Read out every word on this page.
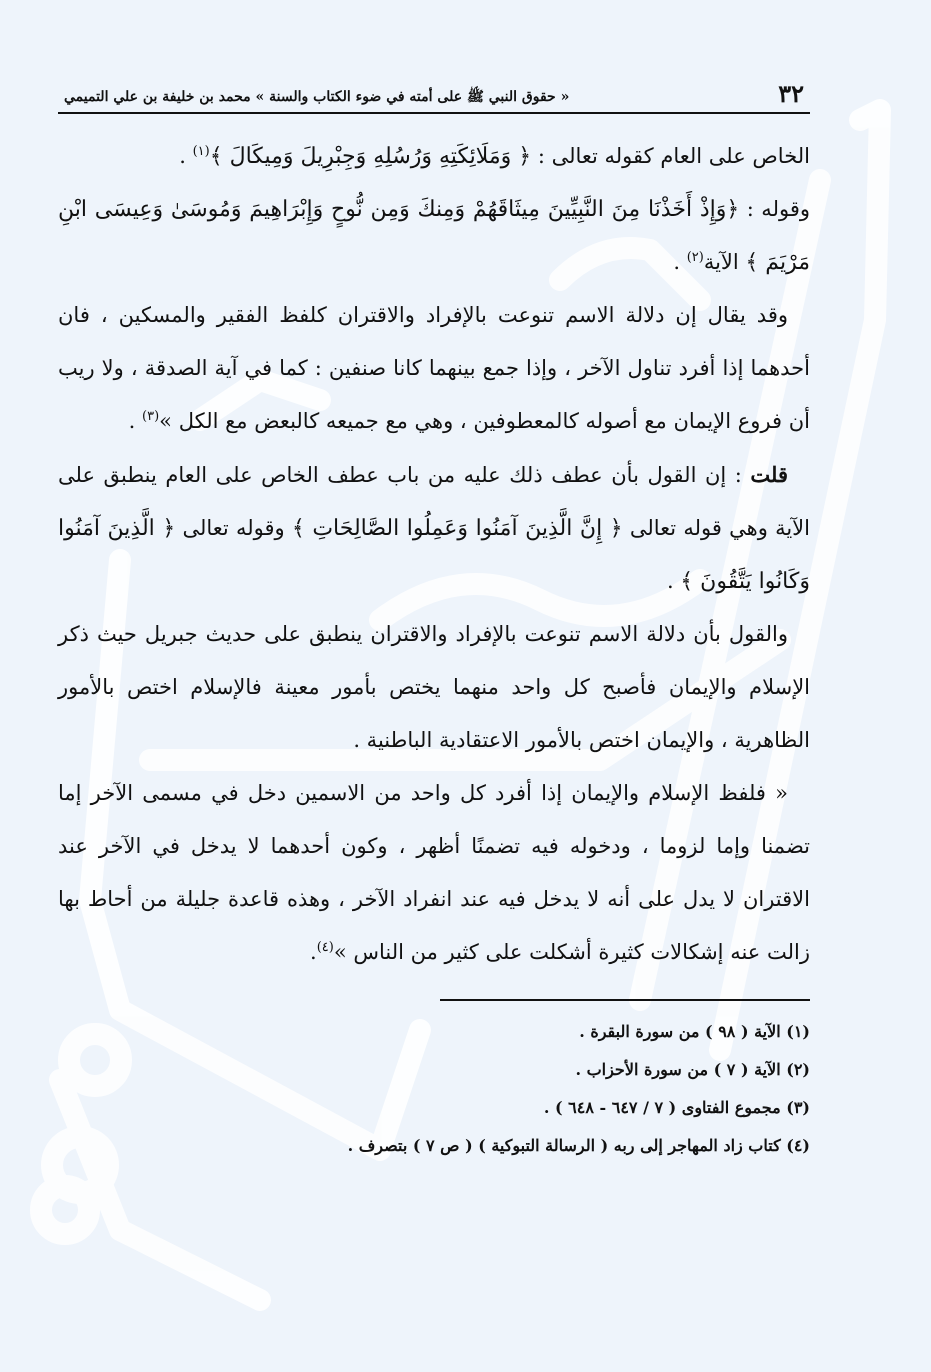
٣٢
« حقوق النبي ﷺ على أمته في ضوء الكتاب والسنة » محمد بن خليفة بن علي التميمي

الخاص على العام كقوله تعالى : ﴿ وَمَلَائِكَتِهِ وَرُسُلِهِ وَجِبْرِيلَ وَمِيكَالَ ﴾$^{(١)}$ .

وقوله : ﴿وَإِذْ أَخَذْنَا مِنَ النَّبِيِّينَ مِيثَاقَهُمْ وَمِنكَ وَمِن نُّوحٍ وَإِبْرَاهِيمَ وَمُوسَىٰ وَعِيسَى ابْنِ مَرْيَمَ ﴾ الآية$^{(٢)}$ .

وقد يقال إن دلالة الاسم تنوعت بالإفراد والاقتران كلفظ الفقير والمسكين ، فان أحدهما إذا أفرد تناول الآخر ، وإذا جمع بينهما كانا صنفين : كما في آية الصدقة ، ولا ريب أن فروع الإيمان مع أصوله كالمعطوفين ، وهي مع جميعه كالبعض مع الكل »$^{(٣)}$ .

قلت : إن القول بأن عطف ذلك عليه من باب عطف الخاص على العام ينطبق على الآية وهي قوله تعالى ﴿ إِنَّ الَّذِينَ آمَنُوا وَعَمِلُوا الصَّالِحَاتِ ﴾ وقوله تعالى ﴿ الَّذِينَ آمَنُوا وَكَانُوا يَتَّقُونَ ﴾ .

والقول بأن دلالة الاسم تنوعت بالإفراد والاقتران ينطبق على حديث جبريل حيث ذكر الإسلام والإيمان فأصبح كل واحد منهما يختص بأمور معينة فالإسلام اختص بالأمور الظاهرية ، والإيمان اختص بالأمور الاعتقادية الباطنية .

« فلفظ الإسلام والإيمان إذا أفرد كل واحد من الاسمين دخل في مسمى الآخر إما تضمنا وإما لزوما ، ودخوله فيه تضمنًا أظهر ، وكون أحدهما لا يدخل في الآخر عند الاقتران لا يدل على أنه لا يدخل فيه عند انفراد الآخر ، وهذه قاعدة جليلة من أحاط بها زالت عنه إشكالات كثيرة أشكلت على كثير من الناس »$^{(٤)}$.

(١) الآية ( ٩٨ ) من سورة البقرة .
(٢) الآية ( ٧ ) من سورة الأحزاب .
(٣) مجموع الفتاوى ( ٧ / ٦٤٧ - ٦٤٨ ) .
(٤) كتاب زاد المهاجر إلى ربه ( الرسالة التبوكية ) ( ص ٧ ) بتصرف .
